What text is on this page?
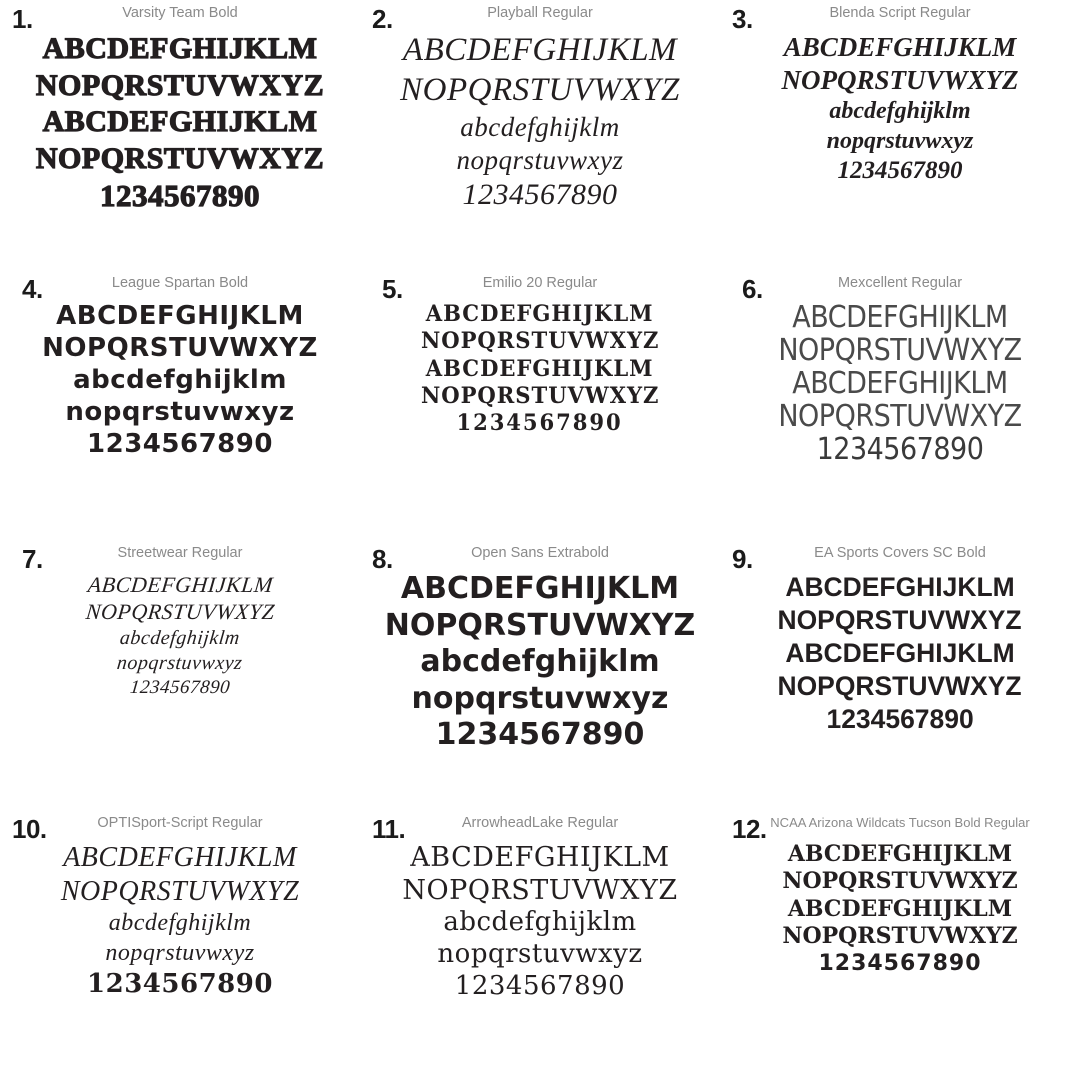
1.	Varsity Team Bold
ABCDEFGHIJKLM
NOPQRSTUVWXYZ
ABCDEFGHIJKLM
NOPQRSTUVWXYZ
1234567890
2.	Playball Regular
ABCDEFGHIJKLM
NOPQRSTUVWXYZ
abcdefghijklm
nopqrstuvwxyz
1234567890
3.	Blenda Script Regular
ABCDEFGHIJKLM
NOPQRSTUVWXYZ
abcdefghijklm
nopqrstuvwxyz
1234567890
4.	League Spartan Bold
ABCDEFGHIJKLM
NOPQRSTUVWXYZ
abcdefghijklm
nopqrstuvwxyz
1234567890
5.	Emilio 20 Regular
ABCDEFGHIJKLM
NOPQRSTUVWXYZ
ABCDEFGHIJKLM
NOPQRSTUVWXYZ
1234567890
6.	Mexcellent Regular
ABCDEFGHIJKLM
NOPQRSTUVWXYZ
ABCDEFGHIJKLM
NOPQRSTUVWXYZ
1234567890
7.	Streetwear Regular
ABCDEFGHIJKLM
NOPQRSTUVWXYZ
abcdefghijklm
nopqrstuvwxyz
1234567890
8.	Open Sans Extrabold
ABCDEFGHIJKLM
NOPQRSTUVWXYZ
abcdefghijklm
nopqrstuvwxyz
1234567890
9.	EA Sports Covers SC Bold
ABCDEFGHIJKLM
NOPQRSTUVWXYZ
ABCDEFGHIJKLM
NOPQRSTUVWXYZ
1234567890
10.	OPTISport-Script Regular
ABCDEFGHIJKLM
NOPQRSTUVWXYZ
abcdefghijklm
nopqrstuvwxyz
1234567890
11.	ArrowheadLake Regular
ABCDEFGHIJKLM
NOPQRSTUVWXYZ
abcdefghijklm
nopqrstuvwxyz
1234567890
12. NCAA Arizona Wildcats Tucson Bold Regular
ABCDEFGHIJKLM
NOPQRSTUVWXYZ
ABCDEFGHIJKLM
NOPQRSTUVWXYZ
1234567890
